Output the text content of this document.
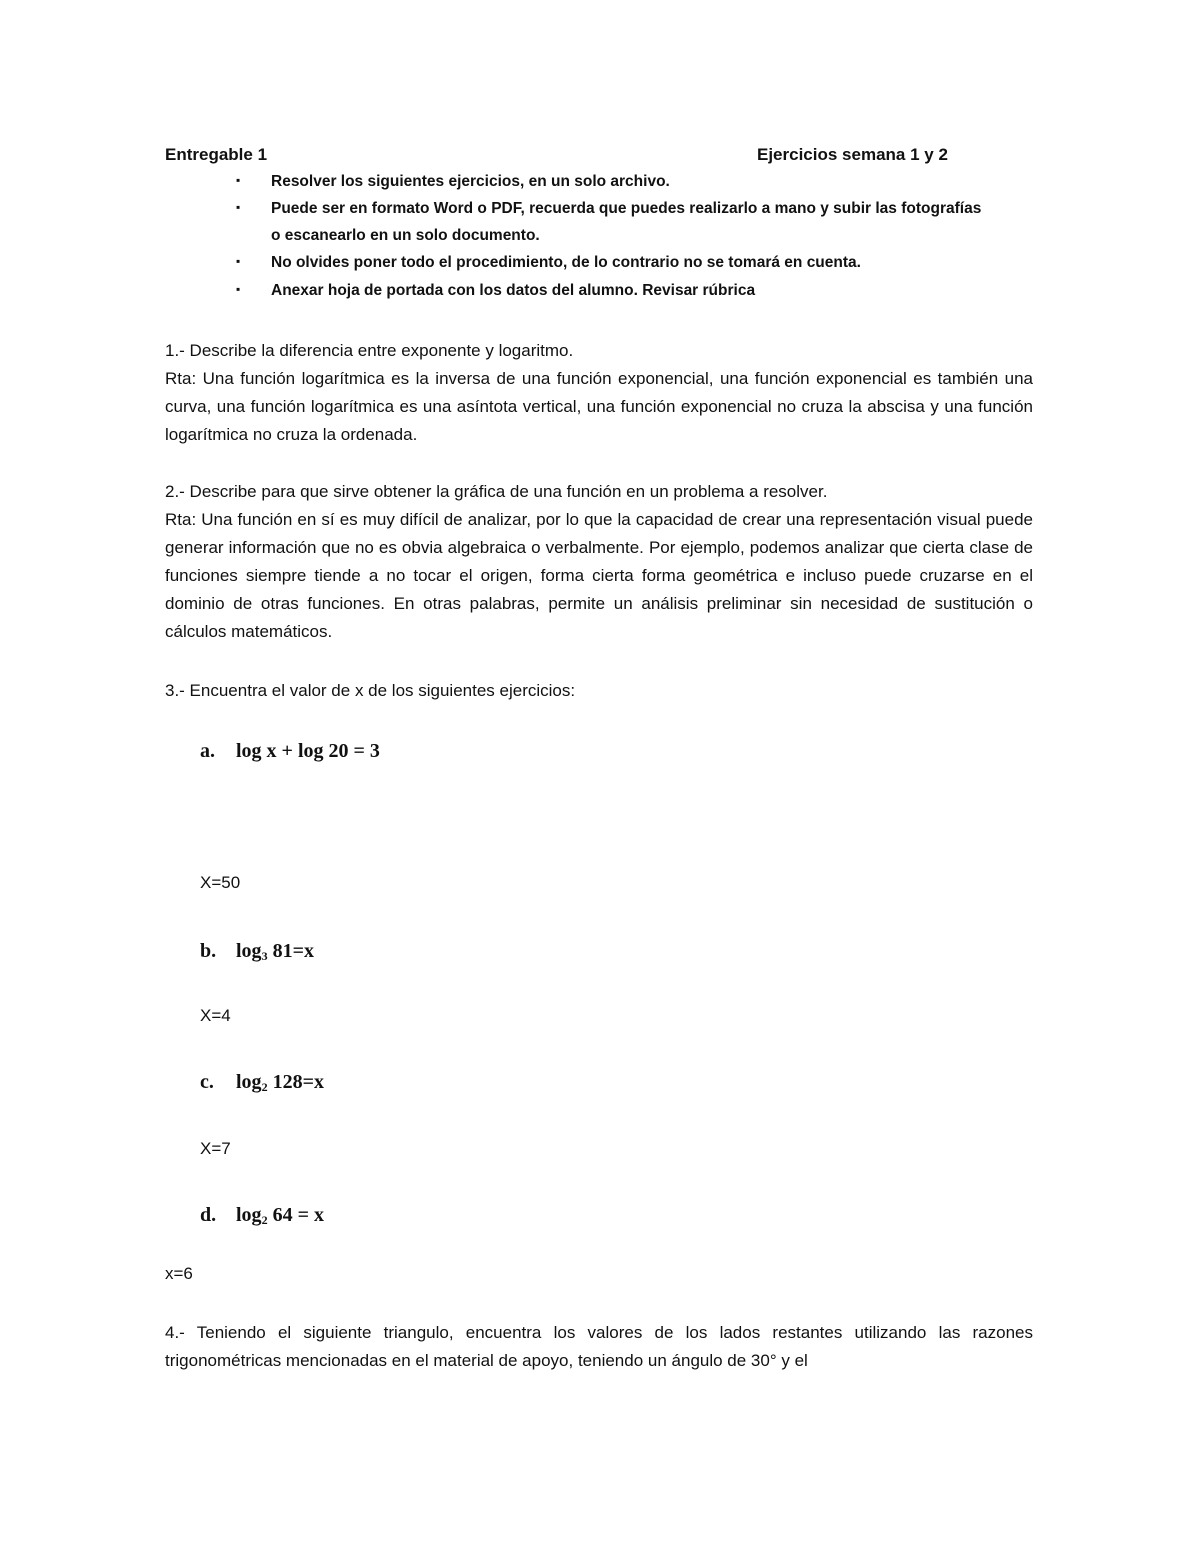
Entregable 1	Ejercicios semana 1 y 2
▪ Resolver los siguientes ejercicios, en un solo archivo.
▪ Puede ser en formato Word o PDF, recuerda que puedes realizarlo a mano y subir las fotografías
o escanearlo en un solo documento.
▪ No olvides poner todo el procedimiento, de lo contrario no se tomará en cuenta.
▪ Anexar hoja de portada con los datos del alumno. Revisar rúbrica
1.- Describe la diferencia entre exponente y logaritmo.
Rta: Una función logarítmica es la inversa de una función exponencial, una función exponencial es también una curva, una función logarítmica es una asíntota vertical, una función exponencial no cruza la abscisa y una función logarítmica no cruza la ordenada.
2.- Describe para que sirve obtener la gráfica de una función en un problema a resolver.
Rta: Una función en sí es muy difícil de analizar, por lo que la capacidad de crear una representación visual puede generar información que no es obvia algebraica o verbalmente. Por ejemplo, podemos analizar que cierta clase de funciones siempre tiende a no tocar el origen, forma cierta forma geométrica e incluso puede cruzarse en el dominio de otras funciones. En otras palabras, permite un análisis preliminar sin necesidad de sustitución o cálculos matemáticos.
3.- Encuentra el valor de x de los siguientes ejercicios:
a. log x + log 20 = 3
X=50
b. $\log_3 81=x$
X=4
c. $\log_2 128=x$
X=7
d. $\log_2 64 = x$
x=6
4.- Teniendo el siguiente triangulo, encuentra los valores de los lados restantes utilizando las razones trigonométricas mencionadas en el material de apoyo, teniendo un ángulo de 30° y el
